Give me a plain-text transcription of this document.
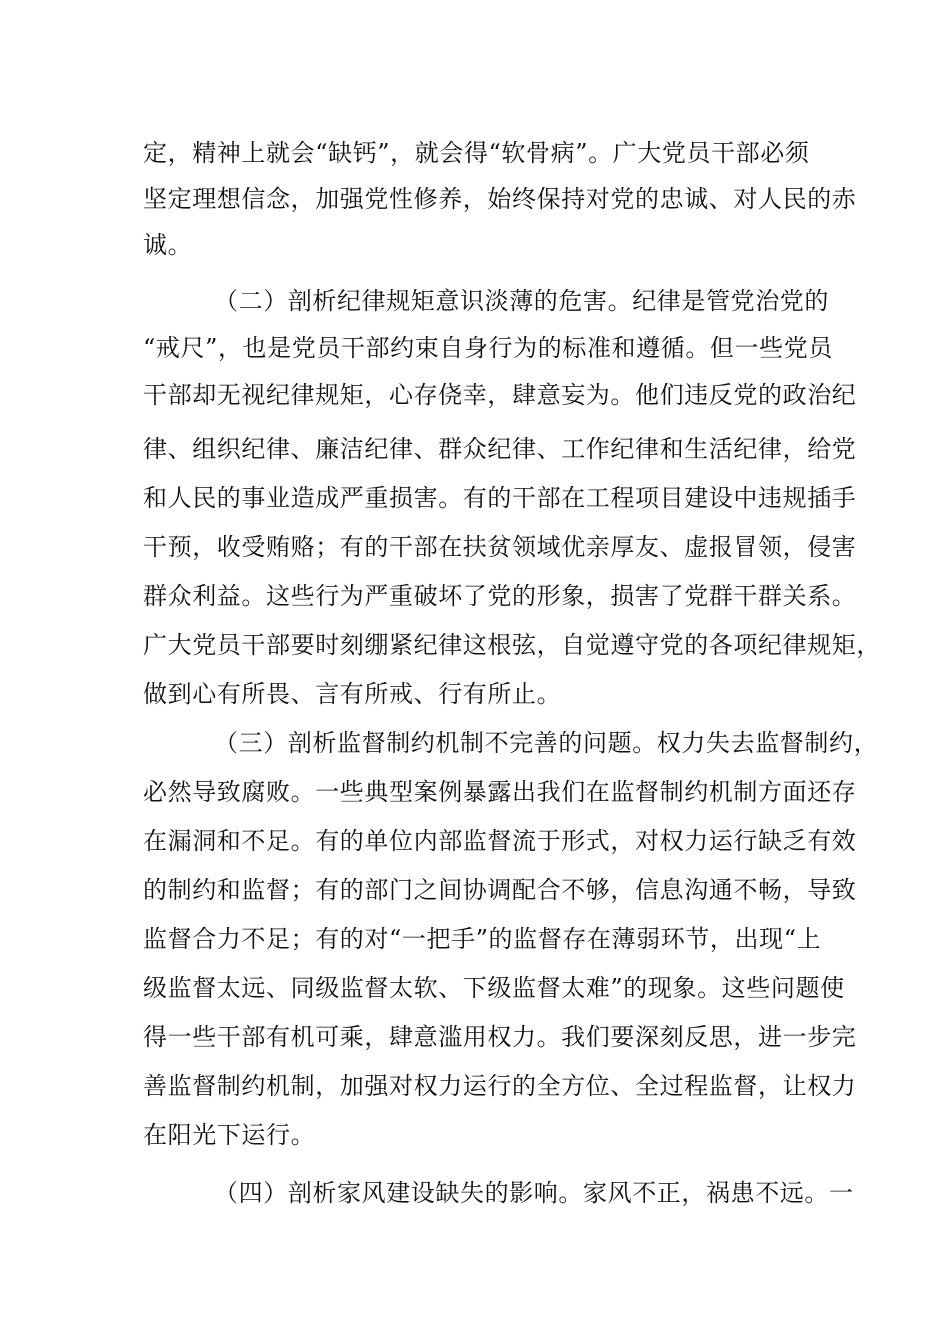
定，精神上就会“缺钙”，就会得“软骨病”。广大党员干部必须
坚定理想信念，加强党性修养，始终保持对党的忠诚、对人民的赤
诚。
（二）剖析纪律规矩意识淡薄的危害。纪律是管党治党的
“戒尺”，也是党员干部约束自身行为的标准和遵循。但一些党员
干部却无视纪律规矩，心存侥幸，肆意妄为。他们违反党的政治纪
律、组织纪律、廉洁纪律、群众纪律、工作纪律和生活纪律，给党
和人民的事业造成严重损害。有的干部在工程项目建设中违规插手
干预，收受贿赂；有的干部在扶贫领域优亲厚友、虚报冒领，侵害
群众利益。这些行为严重破坏了党的形象，损害了党群干群关系。
广大党员干部要时刻绷紧纪律这根弦，自觉遵守党的各项纪律规矩，
做到心有所畏、言有所戒、行有所止。
（三）剖析监督制约机制不完善的问题。权力失去监督制约，
必然导致腐败。一些典型案例暴露出我们在监督制约机制方面还存
在漏洞和不足。有的单位内部监督流于形式，对权力运行缺乏有效
的制约和监督；有的部门之间协调配合不够，信息沟通不畅，导致
监督合力不足；有的对“一把手”的监督存在薄弱环节，出现“上
级监督太远、同级监督太软、下级监督太难”的现象。这些问题使
得一些干部有机可乘，肆意滥用权力。我们要深刻反思，进一步完
善监督制约机制，加强对权力运行的全方位、全过程监督，让权力
在阳光下运行。
（四）剖析家风建设缺失的影响。家风不正，祸患不远。一
